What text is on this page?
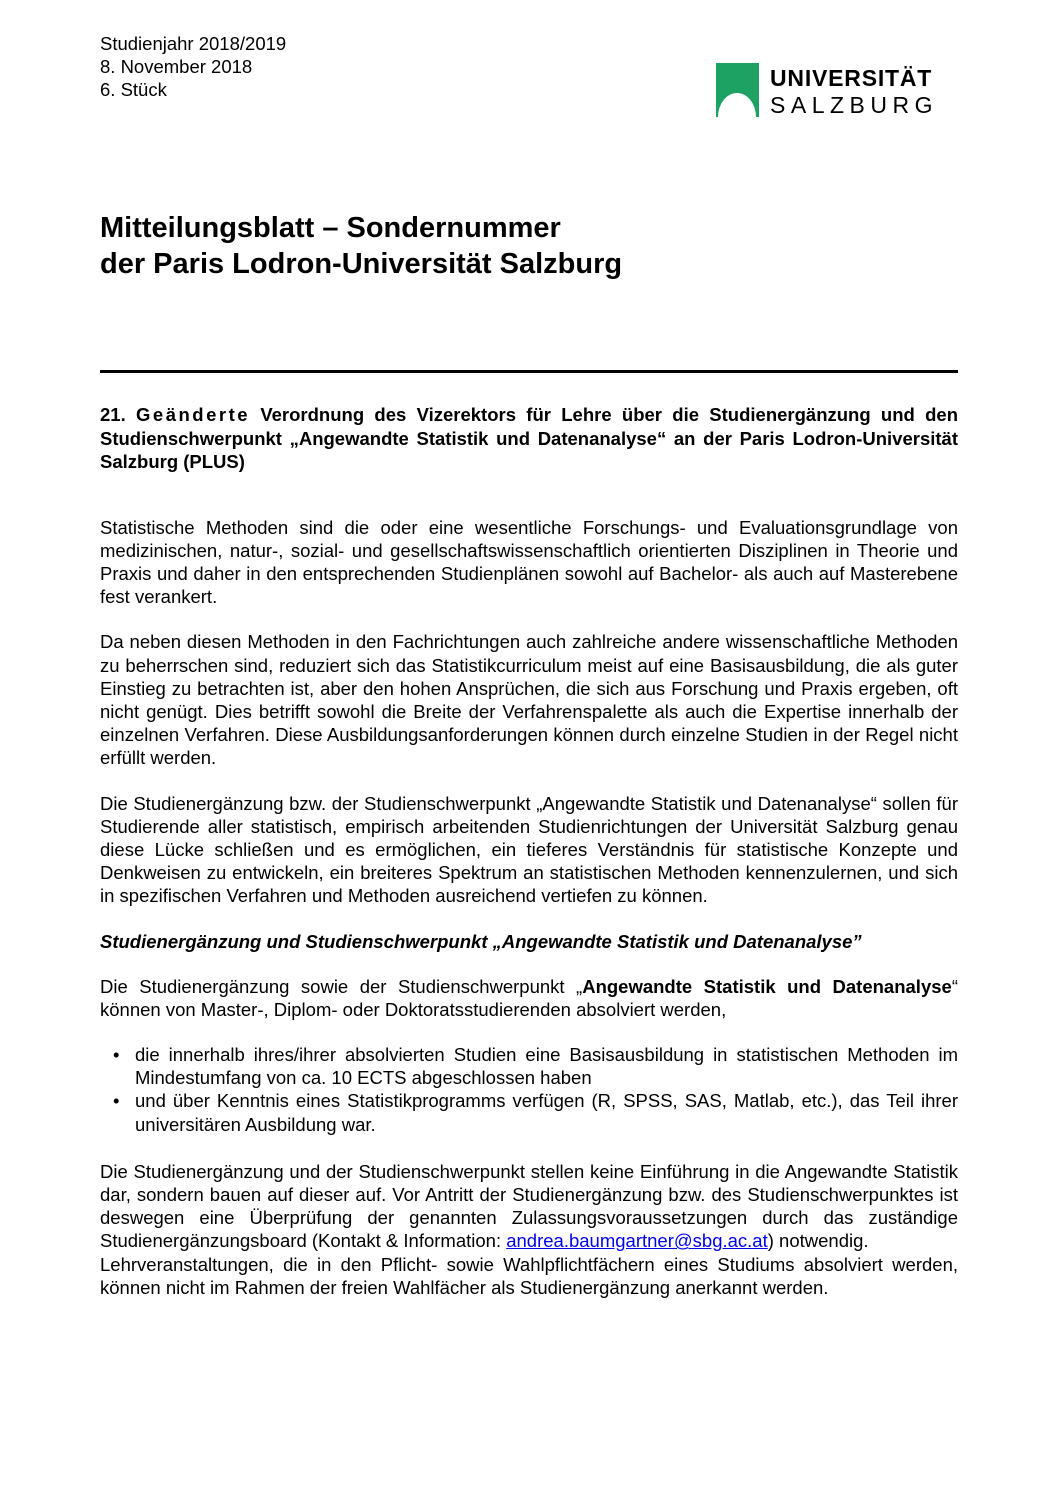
Studienjahr 2018/2019
8. November 2018
6. Stück	UNIVERSITÄT
SALZBURG
Mitteilungsblatt – Sondernummer
der Paris Lodron-Universität Salzburg
21. Geänderte Verordnung des Vizerektors für Lehre über die Studienergänzung und den Studienschwerpunkt „Angewandte Statistik und Datenanalyse“ an der Paris Lodron-Universität Salzburg (PLUS)

Statistische Methoden sind die oder eine wesentliche Forschungs- und Evaluationsgrundlage von medizinischen, natur-, sozial- und gesellschaftswissenschaftlich orientierten Disziplinen in Theorie und Praxis und daher in den entsprechenden Studienplänen sowohl auf Bachelor- als auch auf Masterebene fest verankert.

Da neben diesen Methoden in den Fachrichtungen auch zahlreiche andere wissenschaftliche Methoden zu beherrschen sind, reduziert sich das Statistikcurriculum meist auf eine Basisausbildung, die als guter Einstieg zu betrachten ist, aber den hohen Ansprüchen, die sich aus Forschung und Praxis ergeben, oft nicht genügt. Dies betrifft sowohl die Breite der Verfahrenspalette als auch die Expertise innerhalb der einzelnen Verfahren. Diese Ausbildungsanforderungen können durch einzelne Studien in der Regel nicht erfüllt werden.

Die Studienergänzung bzw. der Studienschwerpunkt „Angewandte Statistik und Datenanalyse“ sollen für Studierende aller statistisch, empirisch arbeitenden Studienrichtungen der Universität Salzburg genau diese Lücke schließen und es ermöglichen, ein tieferes Verständnis für statistische Konzepte und Denkweisen zu entwickeln, ein breiteres Spektrum an statistischen Methoden kennenzulernen, und sich in spezifischen Verfahren und Methoden ausreichend vertiefen zu können.

Studienergänzung und Studienschwerpunkt „Angewandte Statistik und Datenanalyse”

Die Studienergänzung sowie der Studienschwerpunkt „Angewandte Statistik und Datenanalyse“ können von Master-, Diplom- oder Doktoratsstudierenden absolviert werden,

• die innerhalb ihres/ihrer absolvierten Studien eine Basisausbildung in statistischen Methoden im Mindestumfang von ca. 10 ECTS abgeschlossen haben
• und über Kenntnis eines Statistikprogramms verfügen (R, SPSS, SAS, Matlab, etc.), das Teil ihrer universitären Ausbildung war.

Die Studienergänzung und der Studienschwerpunkt stellen keine Einführung in die Angewandte Statistik dar, sondern bauen auf dieser auf. Vor Antritt der Studienergänzung bzw. des Studienschwerpunktes ist deswegen eine Überprüfung der genannten Zulassungsvoraussetzungen durch das zuständige Studienergänzungsboard (Kontakt & Information: andrea.baumgartner@sbg.ac.at) notwendig.

Lehrveranstaltungen, die in den Pflicht- sowie Wahlpflichtfächern eines Studiums absolviert werden, können nicht im Rahmen der freien Wahlfächer als Studienergänzung anerkannt werden.
